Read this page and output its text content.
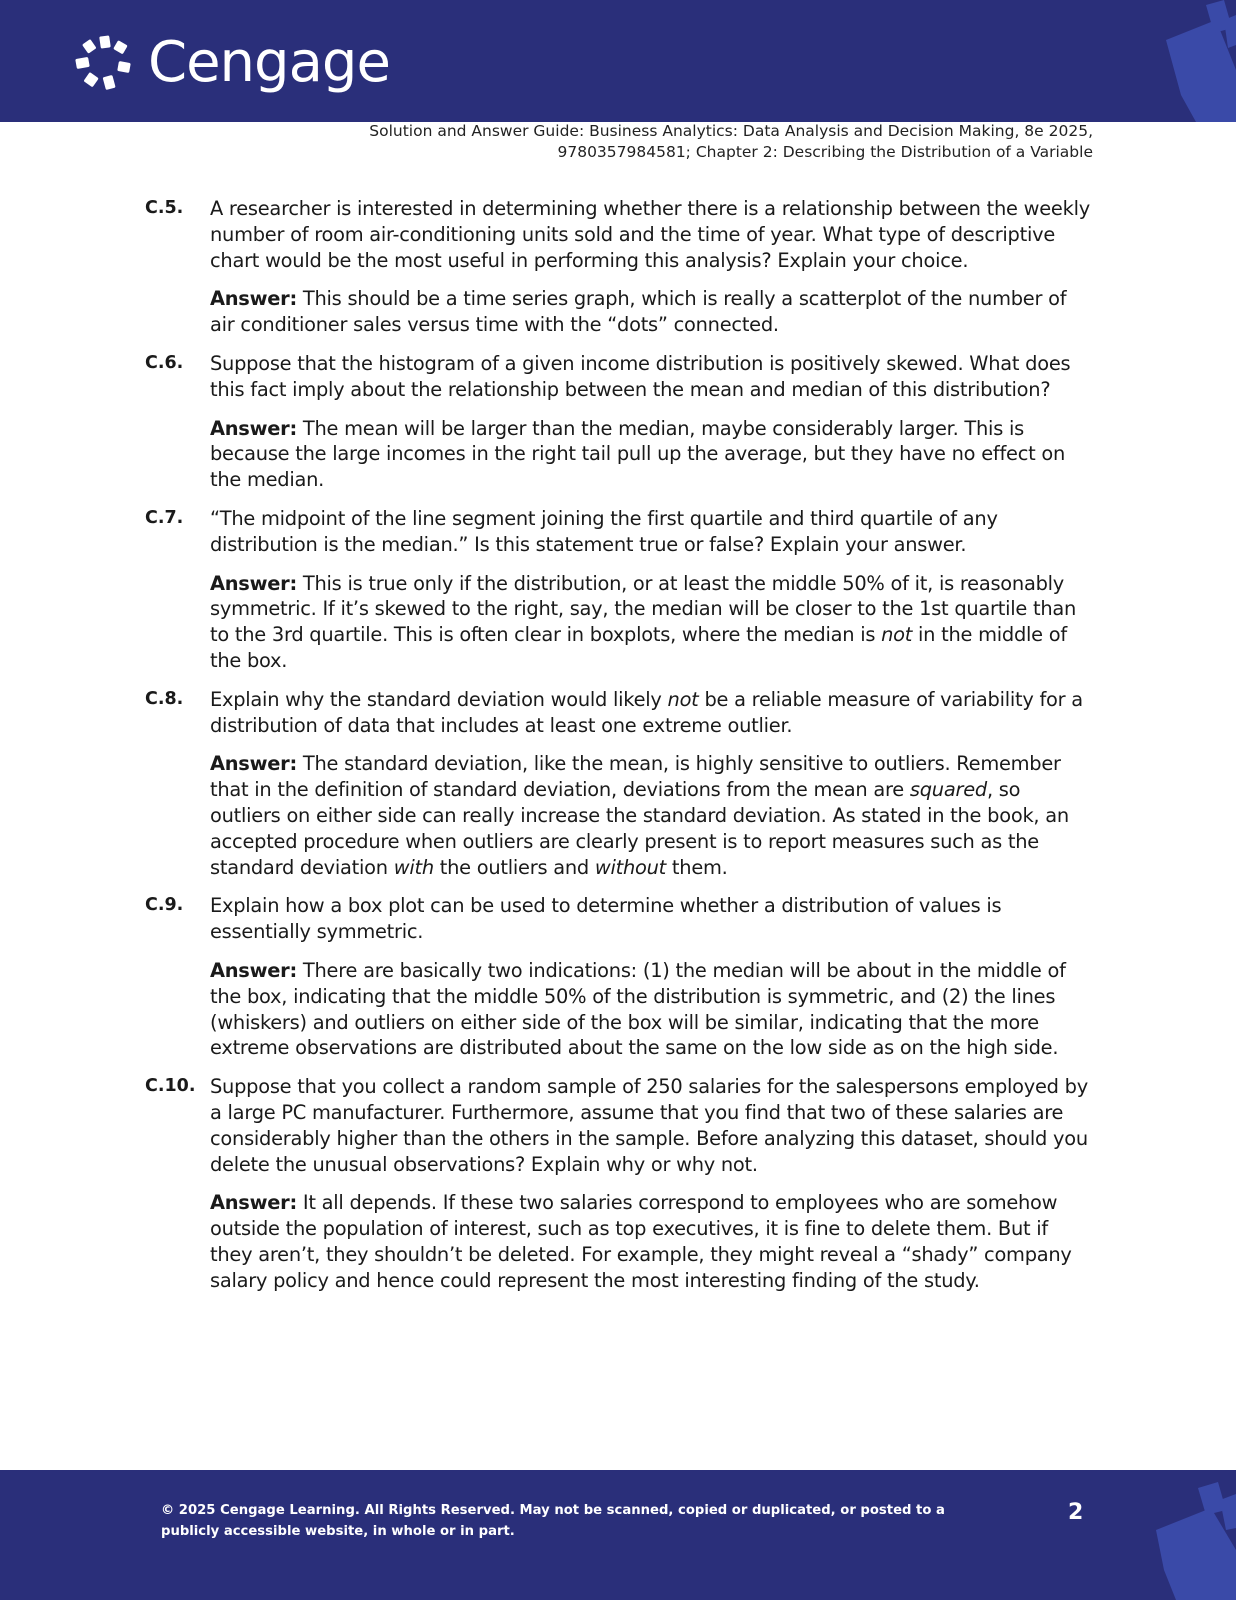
Cengage
Solution and Answer Guide: Business Analytics: Data Analysis and Decision Making, 8e 2025,
9780357984581; Chapter 2: Describing the Distribution of a Variable
C.5.	A researcher is interested in determining whether there is a relationship between the weekly number of room air-conditioning units sold and the time of year. What type of descriptive chart would be the most useful in performing this analysis? Explain your choice.

Answer: This should be a time series graph, which is really a scatterplot of the number of air conditioner sales versus time with the “dots” connected.

C.6.	Suppose that the histogram of a given income distribution is positively skewed. What does this fact imply about the relationship between the mean and median of this distribution?

Answer: The mean will be larger than the median, maybe considerably larger. This is because the large incomes in the right tail pull up the average, but they have no effect on the median.

C.7.	“The midpoint of the line segment joining the first quartile and third quartile of any distribution is the median.” Is this statement true or false? Explain your answer.

Answer: This is true only if the distribution, or at least the middle 50% of it, is reasonably symmetric. If it’s skewed to the right, say, the median will be closer to the 1st quartile than to the 3rd quartile. This is often clear in boxplots, where the median is not in the middle of the box.

C.8.	Explain why the standard deviation would likely not be a reliable measure of variability for a distribution of data that includes at least one extreme outlier.

Answer: The standard deviation, like the mean, is highly sensitive to outliers. Remember that in the definition of standard deviation, deviations from the mean are squared, so outliers on either side can really increase the standard deviation. As stated in the book, an accepted procedure when outliers are clearly present is to report measures such as the standard deviation with the outliers and without them.

C.9.	Explain how a box plot can be used to determine whether a distribution of values is essentially symmetric.

Answer: There are basically two indications: (1) the median will be about in the middle of the box, indicating that the middle 50% of the distribution is symmetric, and (2) the lines (whiskers) and outliers on either side of the box will be similar, indicating that the more extreme observations are distributed about the same on the low side as on the high side.

C.10. Suppose that you collect a random sample of 250 salaries for the salespersons employed by a large PC manufacturer. Furthermore, assume that you find that two of these salaries are considerably higher than the others in the sample. Before analyzing this dataset, should you delete the unusual observations? Explain why or why not.

Answer: It all depends. If these two salaries correspond to employees who are somehow outside the population of interest, such as top executives, it is fine to delete them. But if they aren’t, they shouldn’t be deleted. For example, they might reveal a “shady” company salary policy and hence could represent the most interesting finding of the study.

© 2025 Cengage Learning. All Rights Reserved. May not be scanned, copied or duplicated, or posted to a publicly accessible website, in whole or in part.
2
